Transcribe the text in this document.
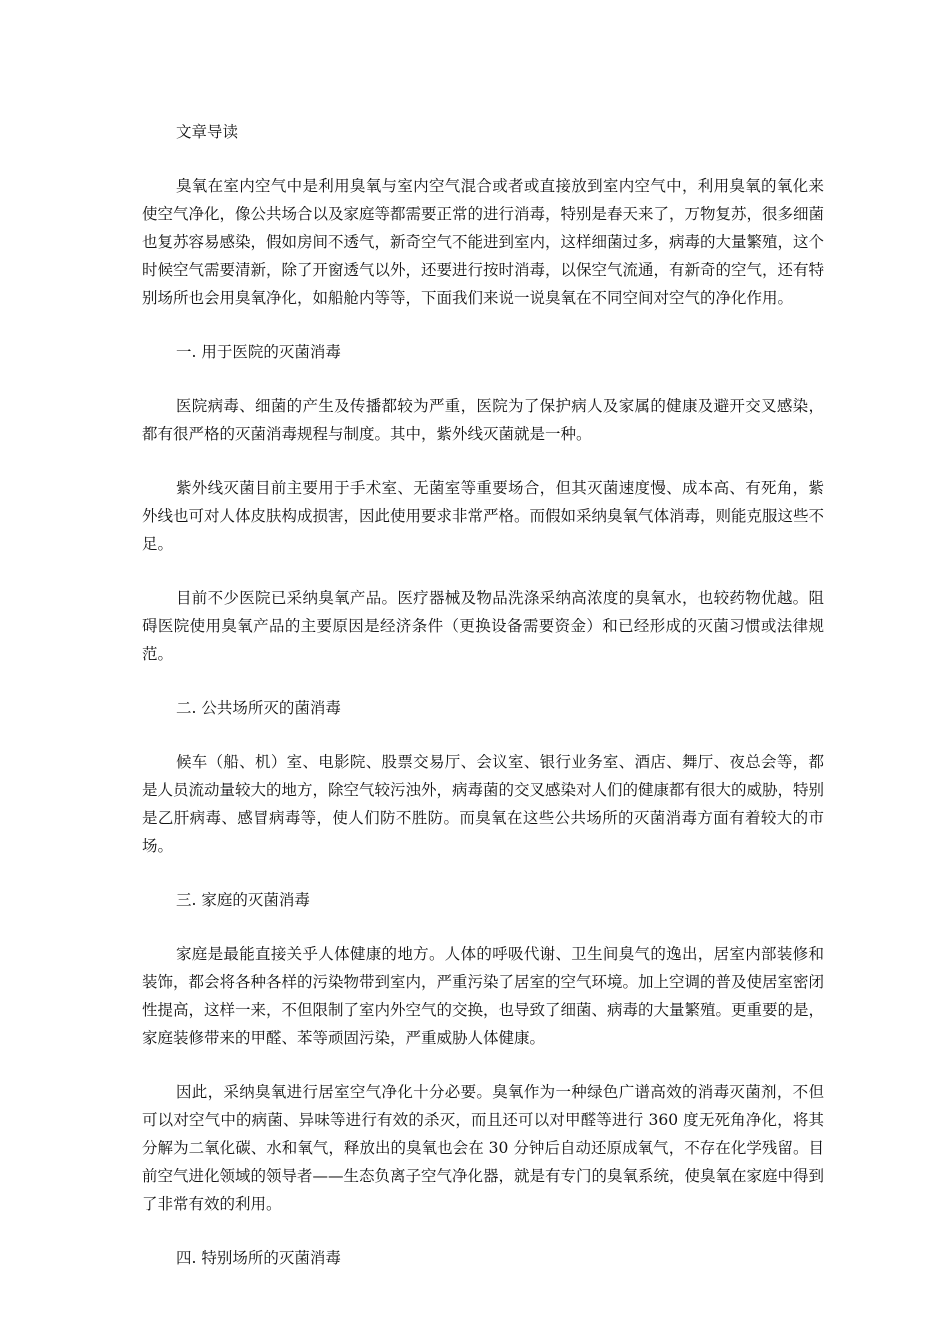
文章导读

臭氧在室内空气中是利用臭氧与室内空气混合或者或直接放到室内空气中，利用臭氧的氧化来使空气净化，像公共场合以及家庭等都需要正常的进行消毒，特别是春天来了，万物复苏，很多细菌也复苏容易感染，假如房间不透气，新奇空气不能进到室内，这样细菌过多，病毒的大量繁殖，这个时候空气需要清新，除了开窗透气以外，还要进行按时消毒，以保空气流通，有新奇的空气，还有特别场所也会用臭氧净化，如船舱内等等，下面我们来说一说臭氧在不同空间对空气的净化作用。

一. 用于医院的灭菌消毒

医院病毒、细菌的产生及传播都较为严重，医院为了保护病人及家属的健康及避开交叉感染，都有很严格的灭菌消毒规程与制度。其中，紫外线灭菌就是一种。

紫外线灭菌目前主要用于手术室、无菌室等重要场合，但其灭菌速度慢、成本高、有死角，紫外线也可对人体皮肤构成损害，因此使用要求非常严格。而假如采纳臭氧气体消毒，则能克服这些不足。

目前不少医院已采纳臭氧产品。医疗器械及物品洗涤采纳高浓度的臭氧水，也较药物优越。阻碍医院使用臭氧产品的主要原因是经济条件（更换设备需要资金）和已经形成的灭菌习惯或法律规范。

二. 公共场所灭的菌消毒

候车（船、机）室、电影院、股票交易厅、会议室、银行业务室、酒店、舞厅、夜总会等，都是人员流动量较大的地方，除空气较污浊外，病毒菌的交叉感染对人们的健康都有很大的威胁，特别是乙肝病毒、感冒病毒等，使人们防不胜防。而臭氧在这些公共场所的灭菌消毒方面有着较大的市场。

三. 家庭的灭菌消毒

家庭是最能直接关乎人体健康的地方。人体的呼吸代谢、卫生间臭气的逸出，居室内部装修和装饰，都会将各种各样的污染物带到室内，严重污染了居室的空气环境。加上空调的普及使居室密闭性提高，这样一来，不但限制了室内外空气的交换，也导致了细菌、病毒的大量繁殖。更重要的是，家庭装修带来的甲醛、苯等顽固污染，严重威胁人体健康。

因此，采纳臭氧进行居室空气净化十分必要。臭氧作为一种绿色广谱高效的消毒灭菌剂，不但可以对空气中的病菌、异味等进行有效的杀灭，而且还可以对甲醛等进行 360 度无死角净化，将其分解为二氧化碳、水和氧气，释放出的臭氧也会在 30 分钟后自动还原成氧气，不存在化学残留。目前空气进化领域的领导者——生态负离子空气净化器，就是有专门的臭氧系统，使臭氧在家庭中得到了非常有效的利用。

四. 特别场所的灭菌消毒
